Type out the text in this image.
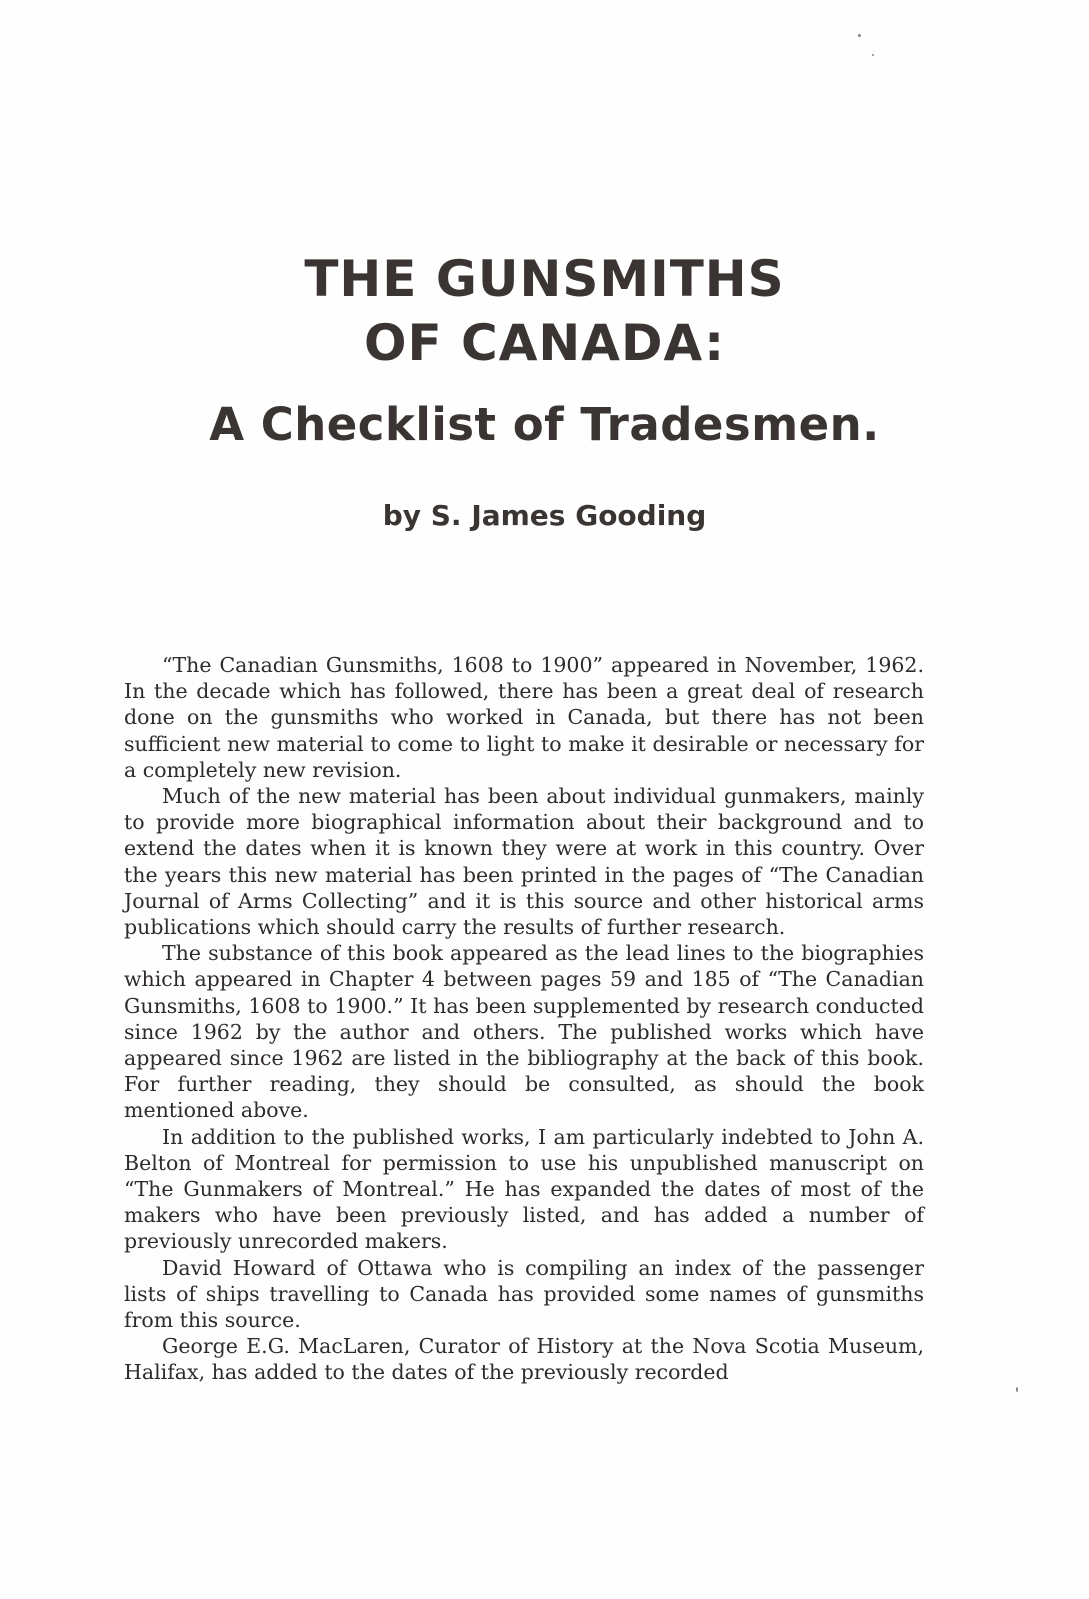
THE GUNSMITHS
OF CANADA:
A Checklist of Tradesmen.
by S. James Gooding

“The Canadian Gunsmiths, 1608 to 1900” appeared in November, 1962. In the decade which has followed, there has been a great deal of research done on the gunsmiths who worked in Canada, but there has not been sufficient new material to come to light to make it desirable or necessary for a completely new revision.

Much of the new material has been about individual gunmakers, mainly to provide more biographical information about their background and to extend the dates when it is known they were at work in this country. Over the years this new material has been printed in the pages of “The Canadian Journal of Arms Collecting” and it is this source and other historical arms publications which should carry the results of further research.

The substance of this book appeared as the lead lines to the biographies which appeared in Chapter 4 between pages 59 and 185 of “The Canadian Gunsmiths, 1608 to 1900.” It has been supplemented by research conducted since 1962 by the author and others. The published works which have appeared since 1962 are listed in the bibliography at the back of this book. For further reading, they should be consulted, as should the book mentioned above.

In addition to the published works, I am particularly indebted to John A. Belton of Montreal for permission to use his unpublished manuscript on “The Gunmakers of Montreal.” He has expanded the dates of most of the makers who have been previously listed, and has added a number of previously unrecorded makers.

David Howard of Ottawa who is compiling an index of the passenger lists of ships travelling to Canada has provided some names of gunsmiths from this source.

George E.G. MacLaren, Curator of History at the Nova Scotia Museum, Halifax, has added to the dates of the previously recorded
